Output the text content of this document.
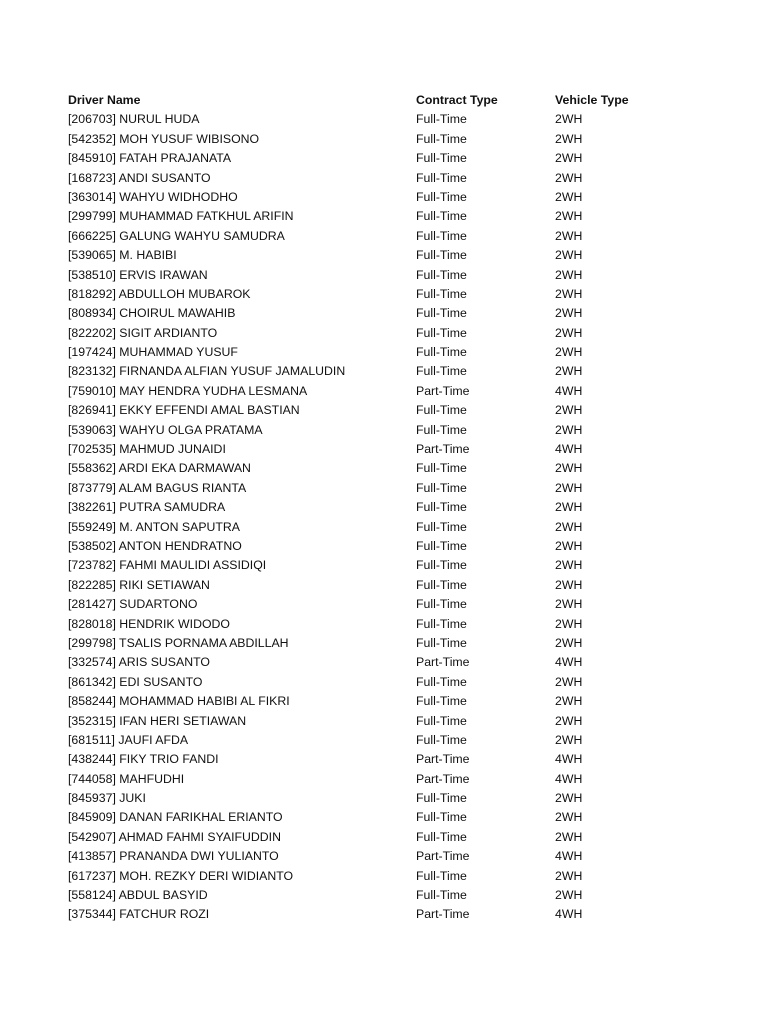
Driver Name	Contract Type	Vehicle Type
[206703] NURUL HUDA	Full-Time	2WH
[542352] MOH YUSUF WIBISONO	Full-Time	2WH
[845910] FATAH PRAJANATA	Full-Time	2WH
[168723] ANDI SUSANTO	Full-Time	2WH
[363014] WAHYU WIDHODHO	Full-Time	2WH
[299799] MUHAMMAD FATKHUL ARIFIN	Full-Time	2WH
[666225] GALUNG WAHYU SAMUDRA	Full-Time	2WH
[539065] M. HABIBI	Full-Time	2WH
[538510] ERVIS IRAWAN	Full-Time	2WH
[818292] ABDULLOH MUBAROK	Full-Time	2WH
[808934] CHOIRUL MAWAHIB	Full-Time	2WH
[822202] SIGIT ARDIANTO	Full-Time	2WH
[197424] MUHAMMAD YUSUF	Full-Time	2WH
[823132] FIRNANDA ALFIAN YUSUF JAMALUDIN	Full-Time	2WH
[759010] MAY HENDRA YUDHA LESMANA	Part-Time	4WH
[826941] EKKY EFFENDI AMAL BASTIAN	Full-Time	2WH
[539063] WAHYU OLGA PRATAMA	Full-Time	2WH
[702535] MAHMUD JUNAIDI	Part-Time	4WH
[558362] ARDI EKA DARMAWAN	Full-Time	2WH
[873779] ALAM BAGUS RIANTA	Full-Time	2WH
[382261] PUTRA SAMUDRA	Full-Time	2WH
[559249] M. ANTON SAPUTRA	Full-Time	2WH
[538502] ANTON HENDRATNO	Full-Time	2WH
[723782] FAHMI MAULIDI ASSIDIQI	Full-Time	2WH
[822285] RIKI SETIAWAN	Full-Time	2WH
[281427] SUDARTONO	Full-Time	2WH
[828018] HENDRIK WIDODO	Full-Time	2WH
[299798] TSALIS PORNAMA ABDILLAH	Full-Time	2WH
[332574] ARIS SUSANTO	Part-Time	4WH
[861342] EDI SUSANTO	Full-Time	2WH
[858244] MOHAMMAD HABIBI AL FIKRI	Full-Time	2WH
[352315] IFAN HERI SETIAWAN	Full-Time	2WH
[681511] JAUFI AFDA	Full-Time	2WH
[438244] FIKY TRIO FANDI	Part-Time	4WH
[744058] MAHFUDHI	Part-Time	4WH
[845937] JUKI	Full-Time	2WH
[845909] DANAN FARIKHAL ERIANTO	Full-Time	2WH
[542907] AHMAD FAHMI SYAIFUDDIN	Full-Time	2WH
[413857] PRANANDA DWI YULIANTO	Part-Time	4WH
[617237] MOH. REZKY DERI WIDIANTO	Full-Time	2WH
[558124] ABDUL BASYID	Full-Time	2WH
[375344] FATCHUR ROZI	Part-Time	4WH
